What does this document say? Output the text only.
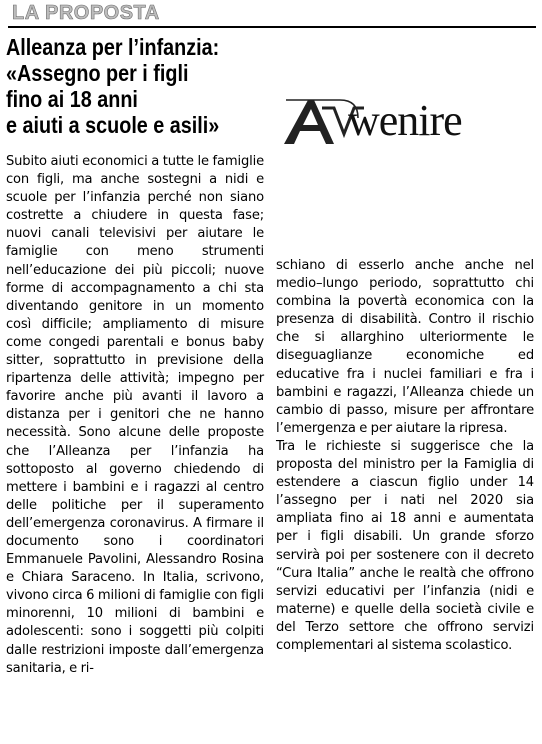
LA PROPOSTA
Alleanza per l’infanzia:
«Assegno per i figli
fino ai 18 anni
e aiuti a scuole e asili»	wenire

Subito aiuti economici a tutte le famiglie con figli, ma anche sostegni a nidi e scuole per l’infanzia perché non siano costrette a chiudere in questa fase; nuovi canali televisivi per aiutare le famiglie con meno strumenti nell’educazione dei più piccoli; nuove forme di accompagnamento a chi sta diventando genitore in un momento così difficile; ampliamento di misure come congedi parentali e bonus baby sitter, soprattutto in previsione della ripartenza delle attività; impegno per favorire anche più avanti il lavoro a distanza per i genitori che ne hanno necessità. Sono alcune delle proposte che l’Alleanza per l’infanzia ha sottoposto al governo chiedendo di mettere i bambini e i ragazzi al centro delle politiche per il superamento dell’emergenza coronavirus. A firmare il documento sono i coordinatori Emmanuele Pavolini, Alessandro Rosina e Chiara Saraceno. In Italia, scrivono, vivono circa 6 milioni di famiglie con figli minorenni, 10 milioni di bambini e adolescenti: sono i soggetti più colpiti dalle restrizioni imposte dall’emergenza sanitaria, e ri-

schiano di esserlo anche anche nel medio–lungo periodo, soprattutto chi combina la povertà economica con la presenza di disabilità. Contro il rischio che si allarghino ulteriormente le diseguaglianze economiche ed educative fra i nuclei familiari e fra i bambini e ragazzi, l’Alleanza chiede un cambio di passo, misure per affrontare l’emergenza e per aiutare la ripresa.

Tra le richieste si suggerisce che la proposta del ministro per la Famiglia di estendere a ciascun figlio under 14 l’assegno per i nati nel 2020 sia ampliata fino ai 18 anni e aumentata per i figli disabili. Un grande sforzo servirà poi per sostenere con il decreto “Cura Italia” anche le realtà che offrono servizi educativi per l’infanzia (nidi e materne) e quelle della società civile e del Terzo settore che offrono servizi complementari al sistema scolastico.
